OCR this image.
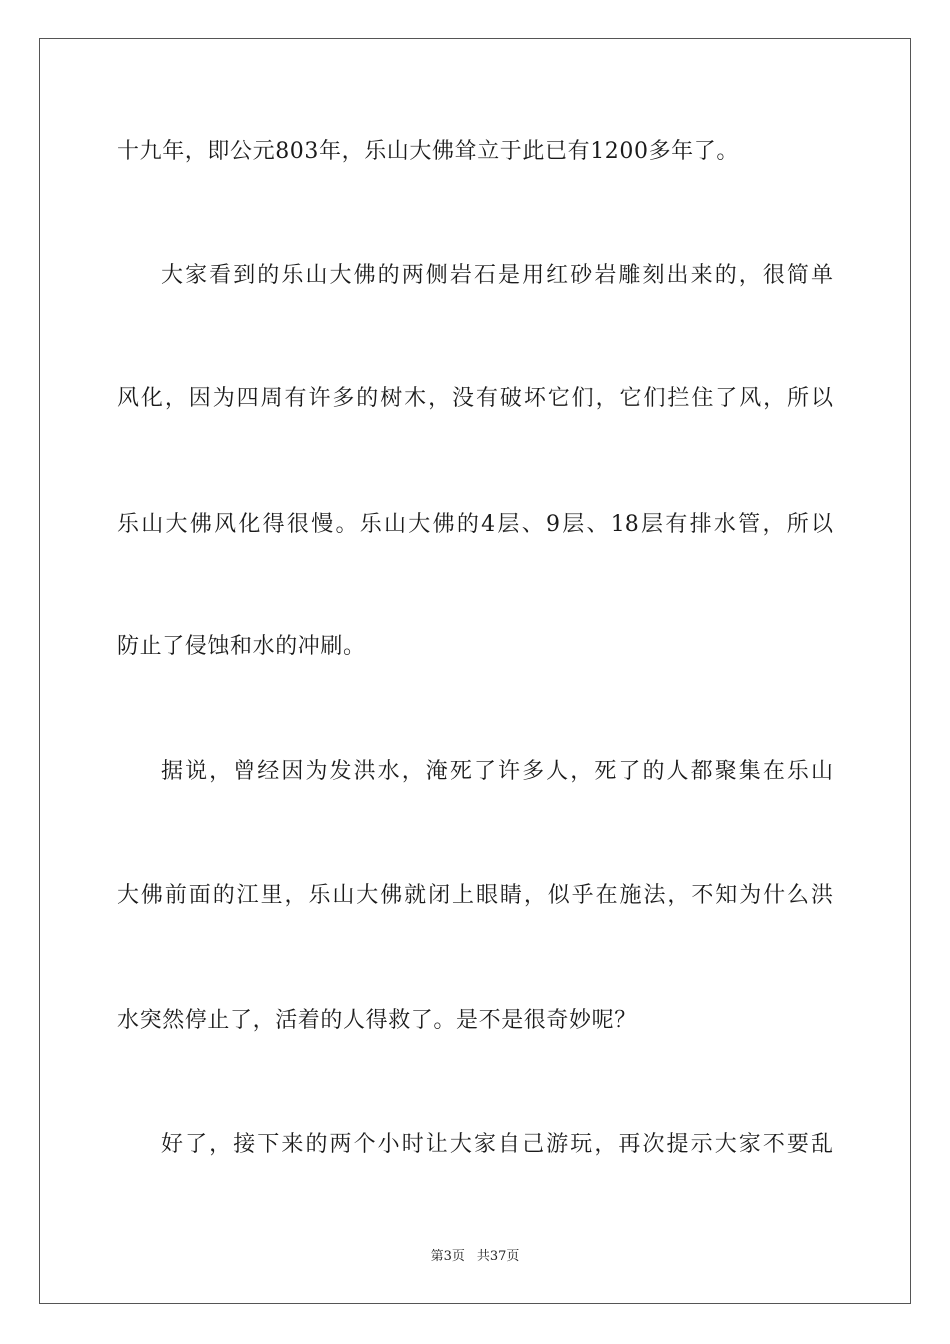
十九年，即公元803年，乐山大佛耸立于此已有1200多年了。
大家看到的乐山大佛的两侧岩石是用红砂岩雕刻出来的，很简单
风化，因为四周有许多的树木，没有破坏它们，它们拦住了风，所以
乐山大佛风化得很慢。乐山大佛的4层、9层、18层有排水管，所以
防止了侵蚀和水的冲刷。
据说，曾经因为发洪水，淹死了许多人，死了的人都聚集在乐山
大佛前面的江里，乐山大佛就闭上眼睛，似乎在施法，不知为什么洪
水突然停止了，活着的人得救了。是不是很奇妙呢？
好了，接下来的两个小时让大家自己游玩，再次提示大家不要乱
第3页 共37页
